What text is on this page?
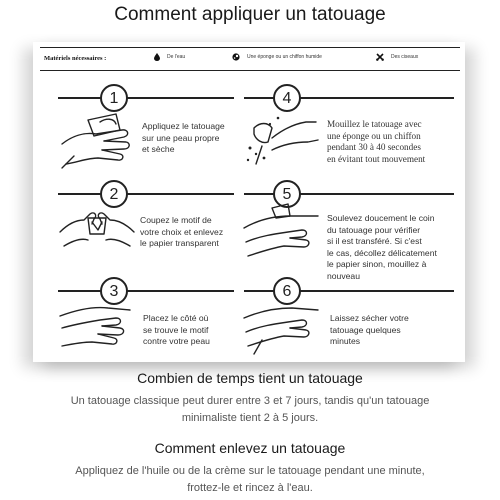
Comment appliquer un tatouage
Matériels nécessaires :	De l'eau	Une éponge ou un chiffon humide	Des ciseaux
1	4
2	5
3	6
Appliquez le tatouage
sur une peau propre
et sèche
Coupez le motif de
votre choix et enlevez
le papier transparent
Placez le côté où
se trouve le motif
contre votre peau
Mouillez le tatouage avec
une éponge ou un chiffon
pendant 30 à 40 secondes
en évitant tout mouvement
Soulevez doucement le coin
du tatouage pour vérifier
si il est transféré. Si c'est
le cas, décollez délicatement
le papier sinon, mouillez à
nouveau
Laissez sécher votre
tatouage quelques
minutes
Combien de temps tient un tatouage
Un tatouage classique peut durer entre 3 et 7 jours, tandis qu'un tatouage
minimaliste tient 2 à 5 jours.
Comment enlevez un tatouage
Appliquez de l'huile ou de la crème sur le tatouage pendant une minute,
frottez-le et rincez à l'eau.
